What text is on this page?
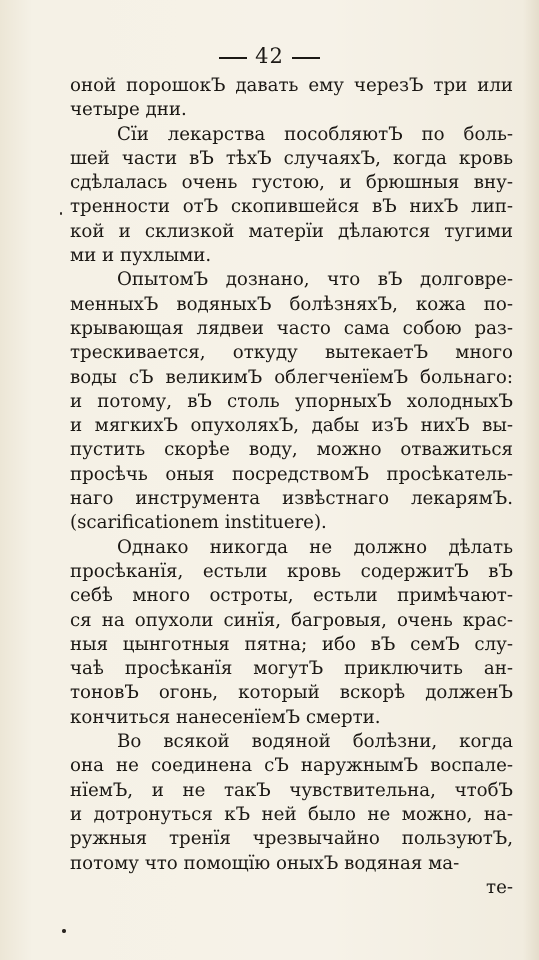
42
оной порошокЪ давать ему черезЪ три или
четыре дни.
Сїи лекарства пособляютЪ по боль-
шей части вЪ тѣхЪ случаяхЪ, когда кровь
сдѣлалась очень густою, и брюшныя вну-
тренности отЪ скопившейся вЪ нихЪ лип-
кой и склизкой матерїи дѣлаются тугими
ми и пухлыми.
ОпытомЪ дознано, что вЪ долговре-
менныхЪ водяныхЪ болѣзняхЪ, кожа по-
крывающая лядвеи часто сама собою раз-
трескивается, откуду вытекаетЪ много
воды сЪ великимЪ облегченїемЪ больнаго:
и потому, вЪ столь упорныхЪ холодныхЪ
и мягкихЪ опухоляхЪ, дабы изЪ нихЪ вы-
пустить скорѣе воду, можно отважиться
просѣчь оныя посредствомЪ просѣкатель-
наго инструмента извѣстнаго лекарямЪ.
(scarificationem instituere).
Однако никогда не должно дѣлать
просѣканїя, естьли кровь содержитЪ вЪ
себѣ много остроты, естьли примѣчают-
ся на опухоли синїя, багровыя, очень крас-
ныя цынготныя пятна; ибо вЪ семЪ слу-
чаѣ просѣканїя могутЪ приключить ан-
тоновЪ огонь, который вскорѣ долженЪ
кончиться нанесенїемЪ смерти.
Во всякой водяной болѣзни, когда
она не соединена сЪ наружнымЪ воспале-
нїемЪ, и не такЪ чувствительна, чтобЪ
и дотронуться кЪ ней было не можно, на-
ружныя тренїя чрезвычайно пользуютЪ,
потому что помощїю оныхЪ водяная ма-
те-
